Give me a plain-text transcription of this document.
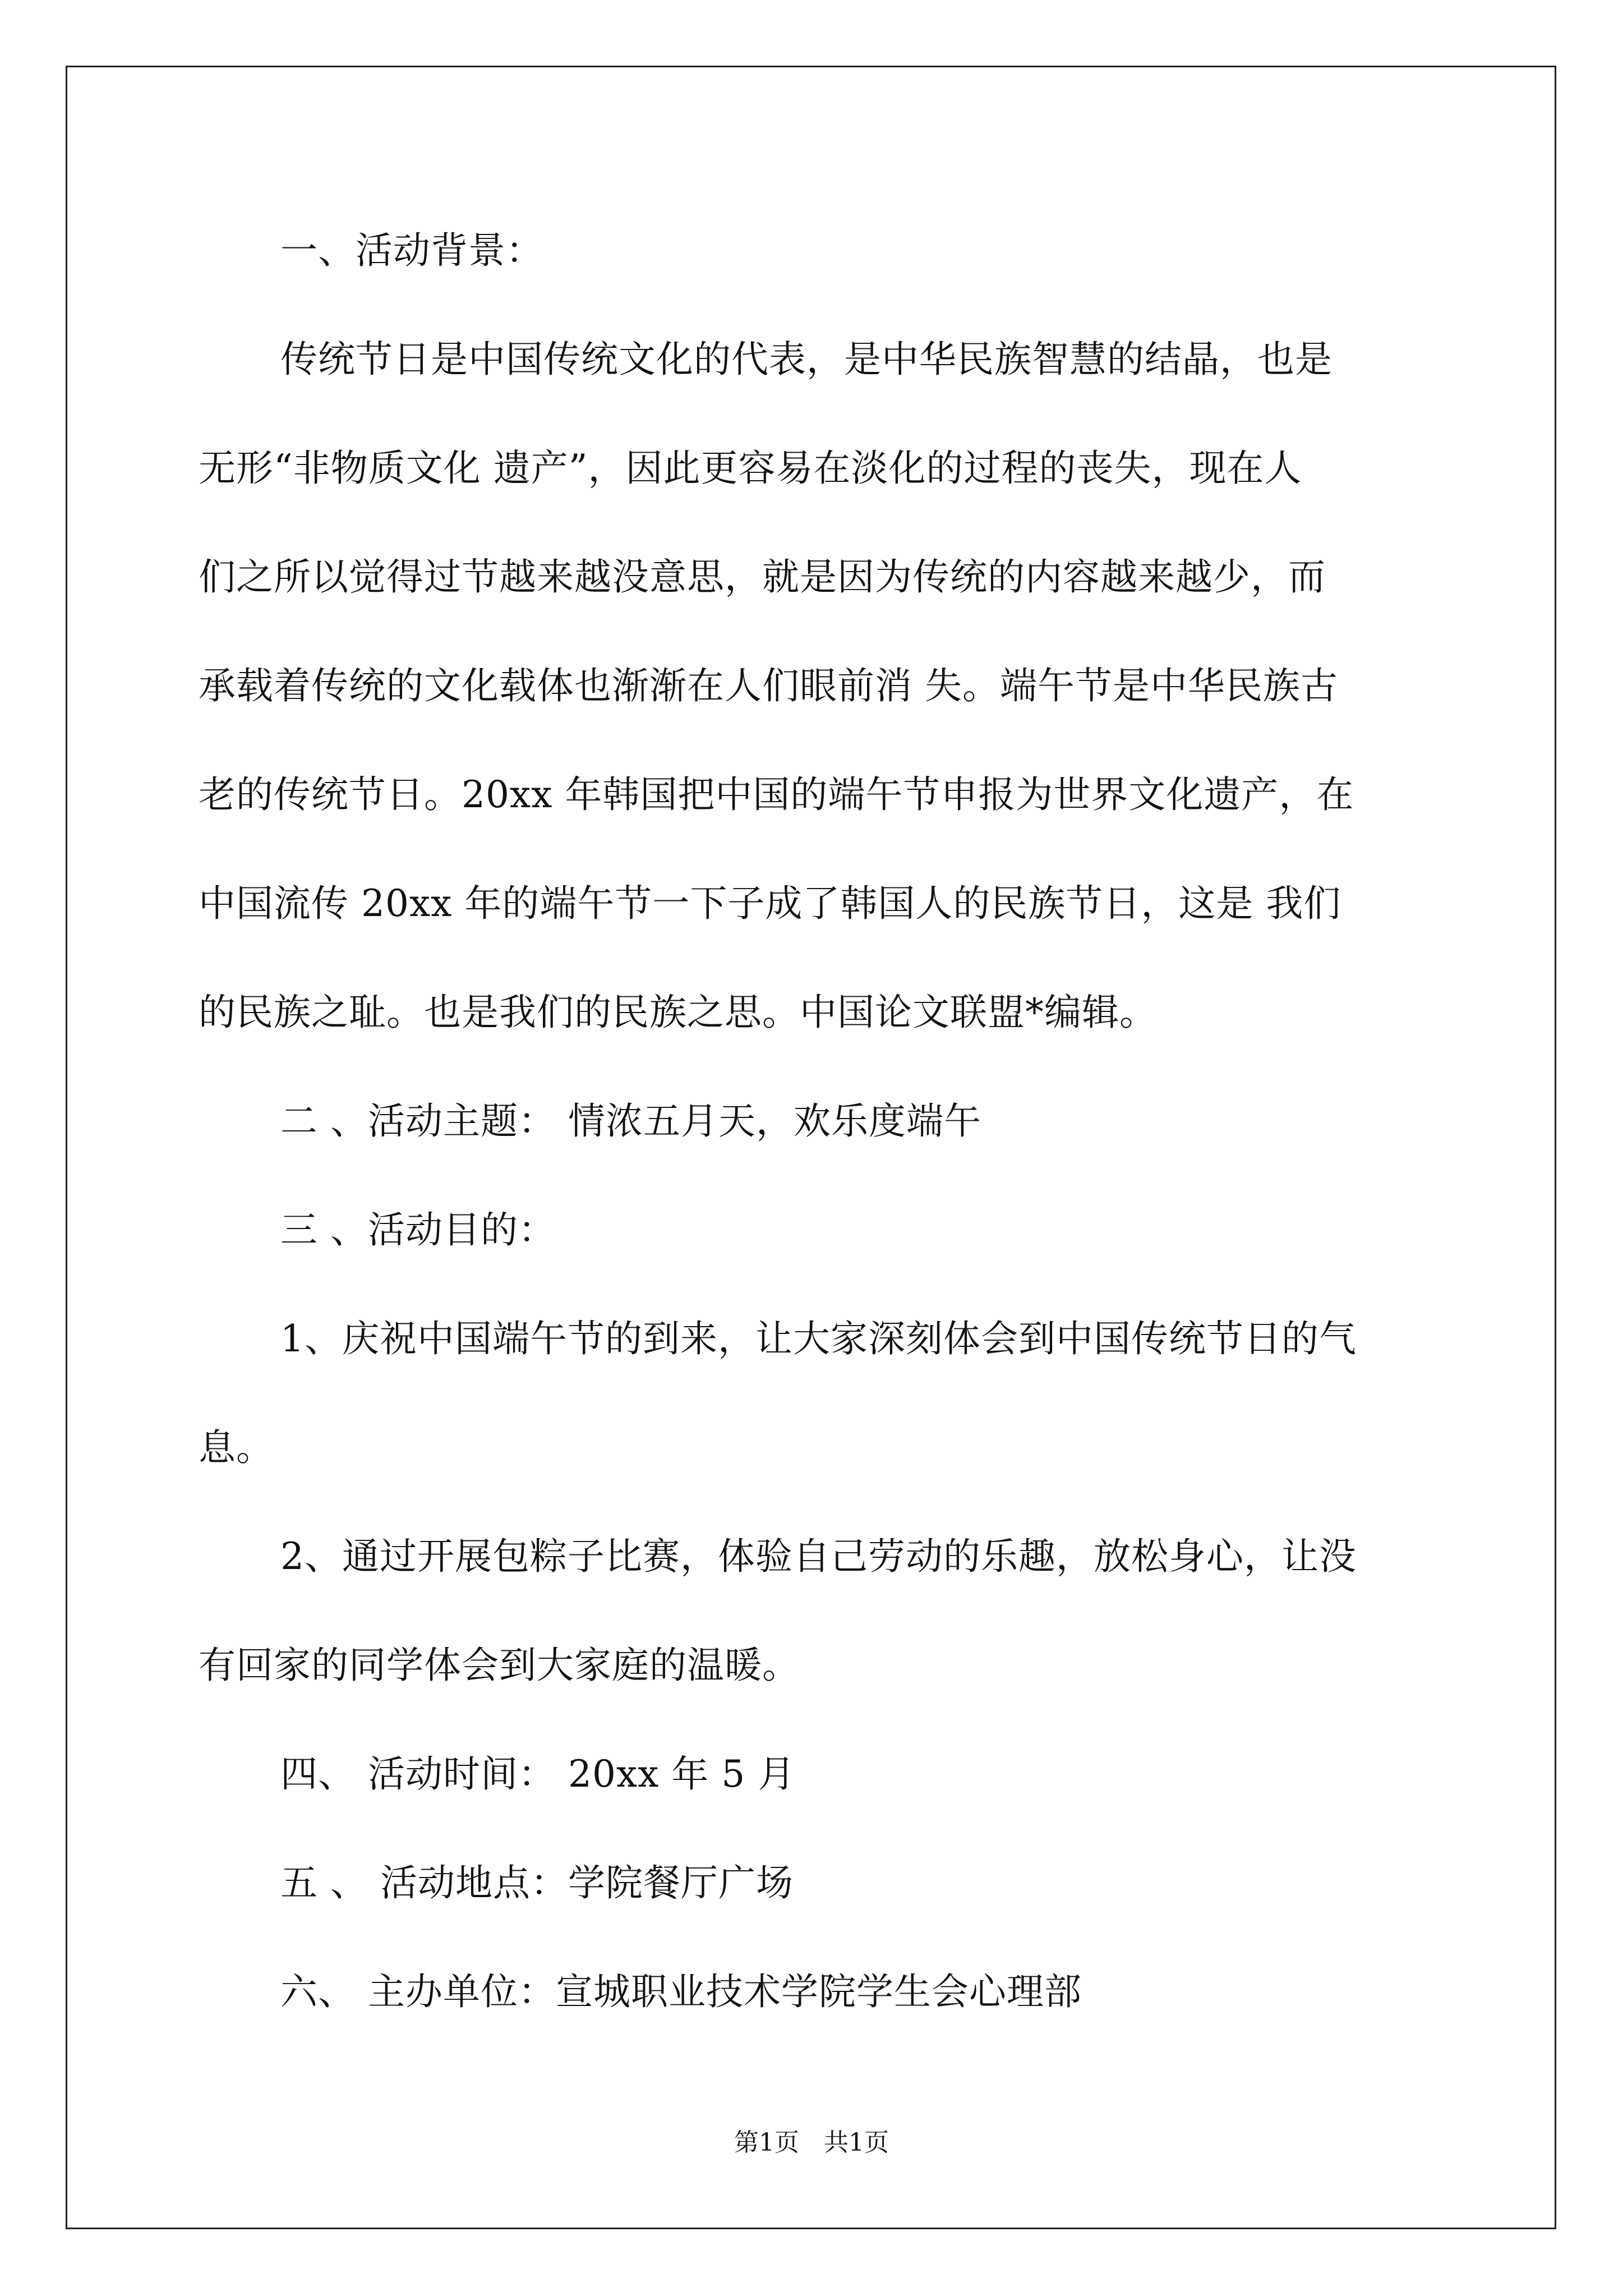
一、活动背景：
传统节日是中国传统文化的代表，是中华民族智慧的结晶，也是
无形“非物质文化 遗产”，因此更容易在淡化的过程的丧失，现在人
们之所以觉得过节越来越没意思，就是因为传统的内容越来越少，而
承载着传统的文化载体也渐渐在人们眼前消 失。端午节是中华民族古
老的传统节日。20xx 年韩国把中国的端午节申报为世界文化遗产，在
中国流传 20xx 年的端午节一下子成了韩国人的民族节日，这是 我们
的民族之耻。也是我们的民族之思。中国论文联盟*编辑。
二 、活动主题： 情浓五月天，欢乐度端午
三 、活动目的：
1、庆祝中国端午节的到来，让大家深刻体会到中国传统节日的气
息。
2、通过开展包粽子比赛，体验自己劳动的乐趣，放松身心，让没
有回家的同学体会到大家庭的温暖。
四、 活动时间： 20xx 年 5 月
五 、 活动地点：学院餐厅广场
六、 主办单位：宣城职业技术学院学生会心理部
第1页　共1页
